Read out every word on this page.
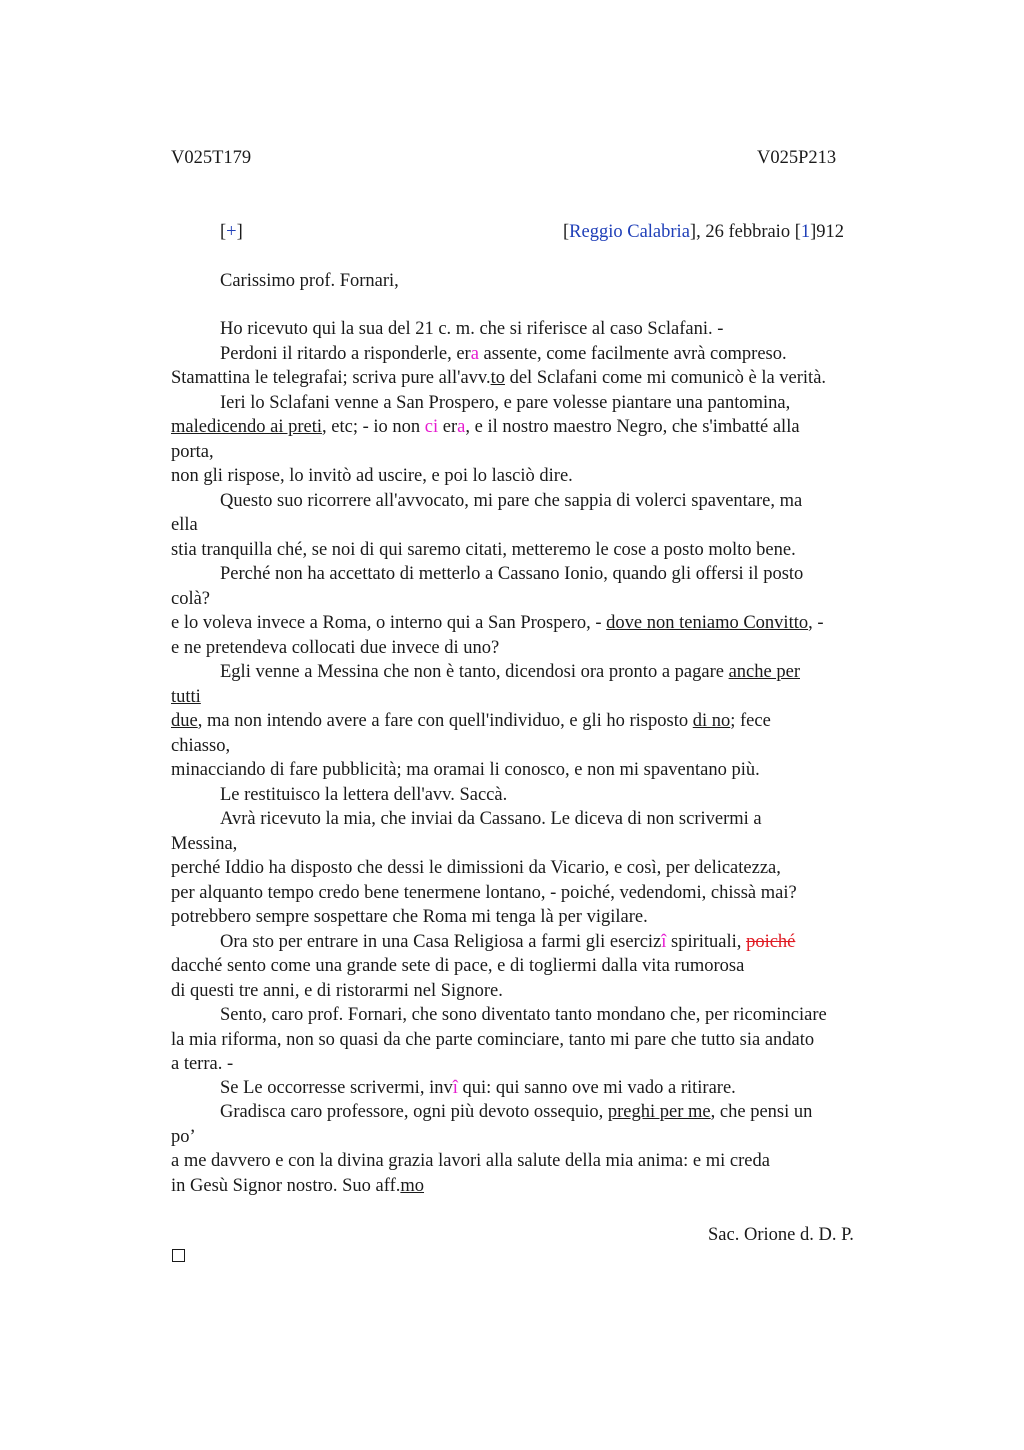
V025T179	V025P213
[+]	[Reggio Calabria], 26 febbraio [1]912
Carissimo prof. Fornari,
Ho ricevuto qui la sua del 21 c. m. che si riferisce al caso Sclafani. -
Perdoni il ritardo a risponderle, era assente, come facilmente avrà compreso.
Stamattina le telegrafai; scriva pure all'avv.to del Sclafani come mi comunicò è la verità.
Ieri lo Sclafani venne a San Prospero, e pare volesse piantare una pantomina,
maledicendo ai preti, etc; - io non ci era, e il nostro maestro Negro, che s'imbatté alla
porta,
non gli rispose, lo invitò ad uscire, e poi lo lasciò dire.
Questo suo ricorrere all'avvocato, mi pare che sappia di volerci spaventare, ma
ella
stia tranquilla ché, se noi di qui saremo citati, metteremo le cose a posto molto bene.
Perché non ha accettato di metterlo a Cassano Ionio, quando gli offersi il posto
colà?
e lo voleva invece a Roma, o interno qui a San Prospero, - dove non teniamo Convitto, -
e ne pretendeva collocati due invece di uno?
Egli venne a Messina che non è tanto, dicendosi ora pronto a pagare anche per
tutti
due, ma non intendo avere a fare con quell'individuo, e gli ho risposto di no; fece
chiasso,
minacciando di fare pubblicità; ma oramai li conosco, e non mi spaventano più.
Le restituisco la lettera dell'avv. Saccà.
Avrà ricevuto la mia, che inviai da Cassano. Le diceva di non scrivermi a
Messina,
perché Iddio ha disposto che dessi le dimissioni da Vicario, e così, per delicatezza,
per alquanto tempo credo bene tenermene lontano, - poiché, vedendomi, chissà mai?
potrebbero sempre sospettare che Roma mi tenga là per vigilare.
Ora sto per entrare in una Casa Religiosa a farmi gli esercizî spirituali, poiché
dacché sento come una grande sete di pace, e di togliermi dalla vita rumorosa
di questi tre anni, e di ristorarmi nel Signore.
Sento, caro prof. Fornari, che sono diventato tanto mondano che, per ricominciare
la mia riforma, non so quasi da che parte cominciare, tanto mi pare che tutto sia andato
a terra. -
Se Le occorresse scrivermi, invî qui: qui sanno ove mi vado a ritirare.
Gradisca caro professore, ogni più devoto ossequio, preghi per me, che pensi un
po’
a me davvero e con la divina grazia lavori alla salute della mia anima: e mi creda
in Gesù Signor nostro. Suo aff.mo
Sac. Orione d. D. P.
